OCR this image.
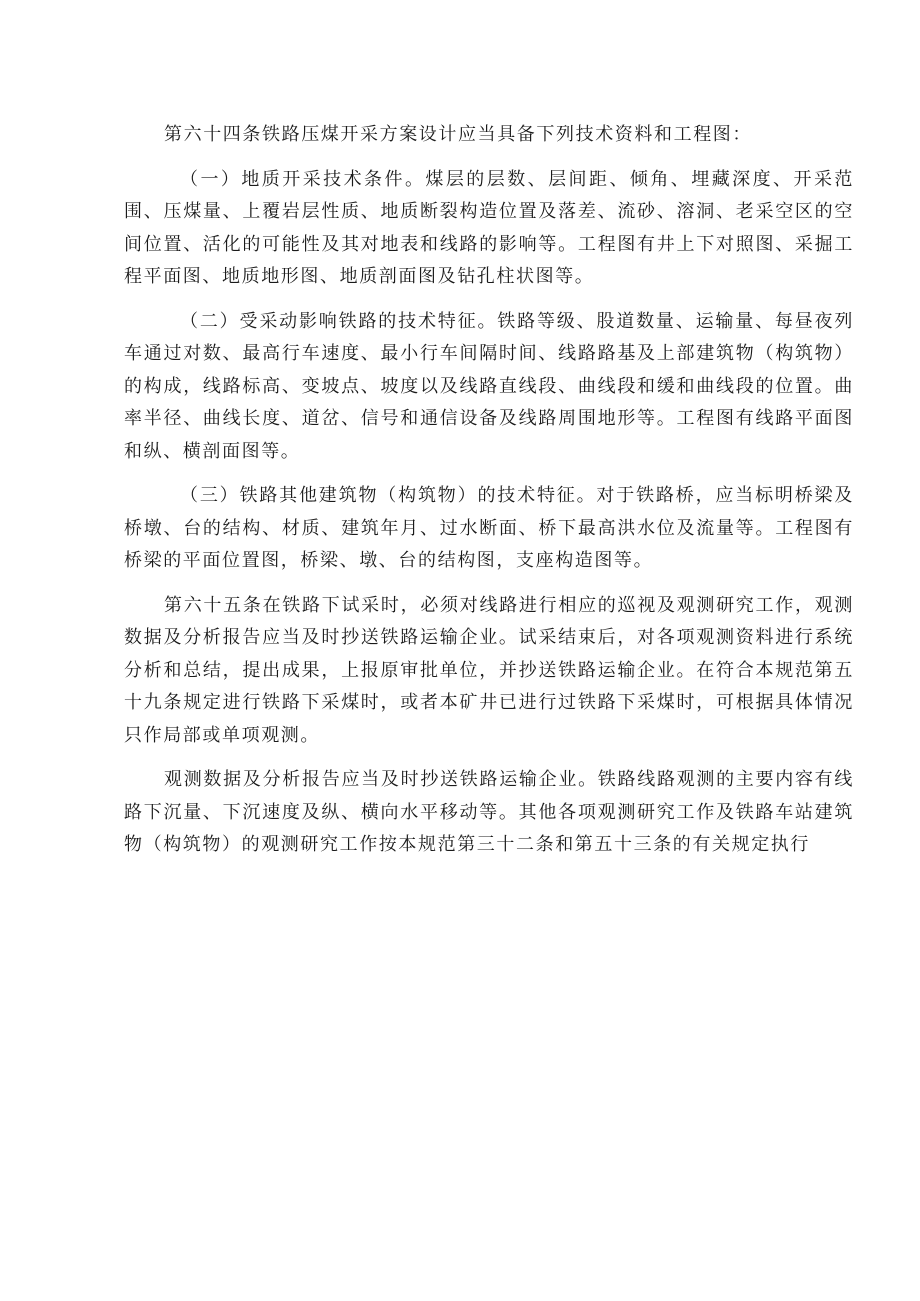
第六十四条铁路压煤开采方案设计应当具备下列技术资料和工程图：

（一）地质开采技术条件。煤层的层数、层间距、倾角、埋藏深度、开采范围、压煤量、上覆岩层性质、地质断裂构造位置及落差、流砂、溶洞、老采空区的空间位置、活化的可能性及其对地表和线路的影响等。工程图有井上下对照图、采掘工程平面图、地质地形图、地质剖面图及钻孔柱状图等。

（二）受采动影响铁路的技术特征。铁路等级、股道数量、运输量、每昼夜列车通过对数、最高行车速度、最小行车间隔时间、线路路基及上部建筑物（构筑物）的构成，线路标高、变坡点、坡度以及线路直线段、曲线段和缓和曲线段的位置。曲率半径、曲线长度、道岔、信号和通信设备及线路周围地形等。工程图有线路平面图和纵、横剖面图等。

（三）铁路其他建筑物（构筑物）的技术特征。对于铁路桥，应当标明桥梁及桥墩、台的结构、材质、建筑年月、过水断面、桥下最高洪水位及流量等。工程图有桥梁的平面位置图，桥梁、墩、台的结构图，支座构造图等。

第六十五条在铁路下试采时，必须对线路进行相应的巡视及观测研究工作，观测数据及分析报告应当及时抄送铁路运输企业。试采结束后，对各项观测资料进行系统分析和总结，提出成果，上报原审批单位，并抄送铁路运输企业。在符合本规范第五十九条规定进行铁路下采煤时，或者本矿井已进行过铁路下采煤时，可根据具体情况只作局部或单项观测。

观测数据及分析报告应当及时抄送铁路运输企业。铁路线路观测的主要内容有线路下沉量、下沉速度及纵、横向水平移动等。其他各项观测研究工作及铁路车站建筑物（构筑物）的观测研究工作按本规范第三十二条和第五十三条的有关规定执行
